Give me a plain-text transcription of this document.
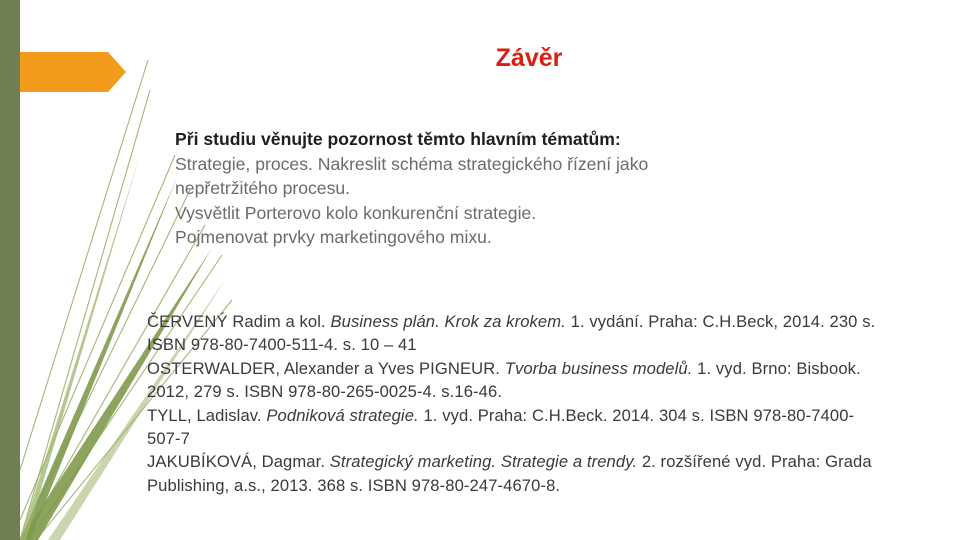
Závěr
Při studiu věnujte pozornost těmto hlavním tématům:
Strategie, proces. Nakreslit schéma strategického řízení jako
nepřetržitého procesu.
Vysvětlit Porterovo kolo konkurenční strategie.
Pojmenovat prvky marketingového mixu.

ČERVENÝ Radim a kol. Business plán. Krok za krokem. 1. vydání. Praha: C.H.Beck, 2014. 230 s. ISBN 978-80-7400-511-4. s. 10 – 41

OSTERWALDER, Alexander a Yves PIGNEUR. Tvorba business modelů. 1. vyd. Brno: Bisbook. 2012, 279 s. ISBN 978-80-265-0025-4. s.16-46.

TYLL, Ladislav. Podniková strategie. 1. vyd. Praha: C.H.Beck. 2014. 304 s. ISBN 978-80-7400-507-7

JAKUBÍKOVÁ, Dagmar. Strategický marketing. Strategie a trendy. 2. rozšířené vyd. Praha: Grada Publishing, a.s., 2013. 368 s. ISBN 978-80-247-4670-8.
